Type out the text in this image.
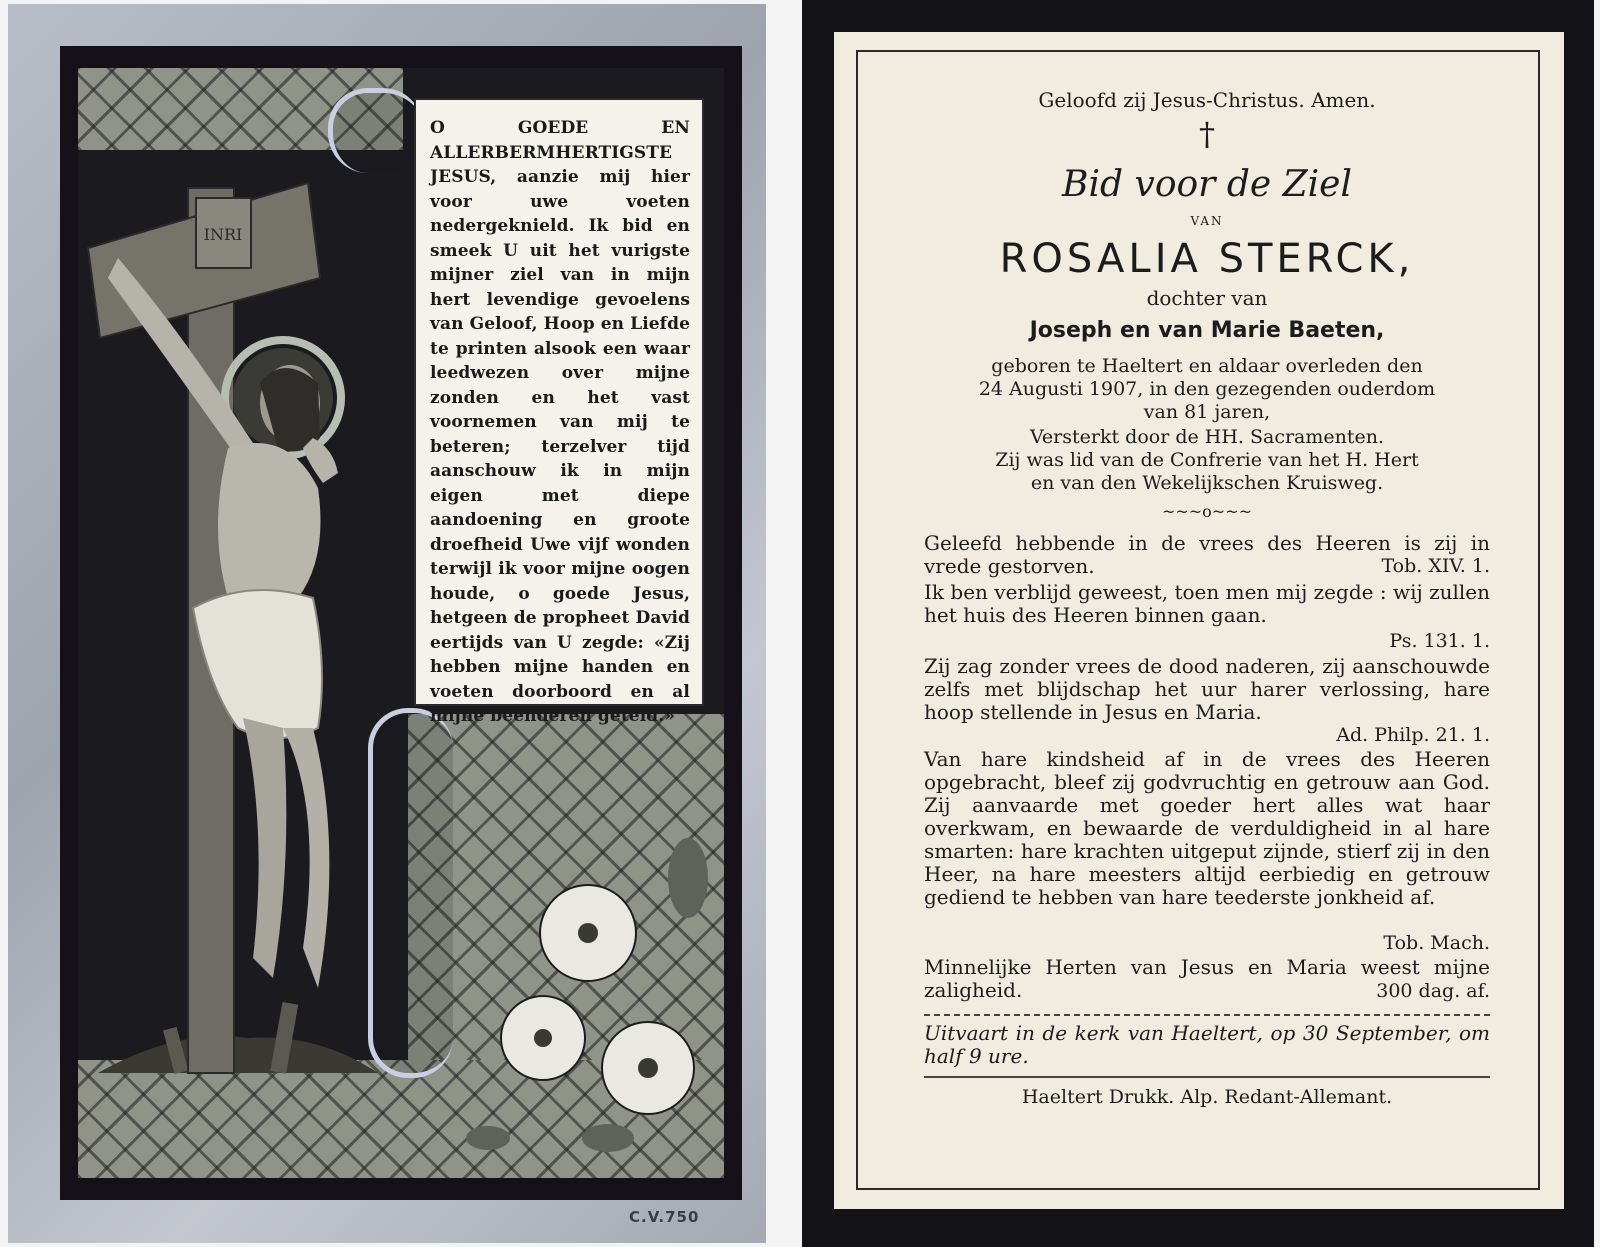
INRI

O GOEDE EN ALLERBERMHERTIGSTE JESUS, aanzie mij hier voor uwe voeten nedergeknield. Ik bid en smeek U uit het vurigste mijner ziel van in mijn hert levendige gevoelens van Geloof, Hoop en Liefde te printen alsook een waar leedwezen over mijne zonden en het vast voornemen van mij te beteren; terzelver tijd aanschouw ik in mijn eigen met diepe aandoening en groote droefheid Uwe vijf wonden terwijl ik voor mijne oogen houde, o goede Jesus, hetgeen de propheet David eertijds van U zegde: «Zij hebben mijne handen en voeten doorboord en al mijne beenderen geteld.»

C.V.750

Geloofd zij Jesus-Christus. Amen.

†

Bid voor de Ziel

VAN

ROSALIA STERCK,

dochter van

Joseph en van Marie Baeten,

geboren te Haeltert en aldaar overleden den

24 Augusti 1907, in den gezegenden ouderdom

van 81 jaren,

Versterkt door de HH. Sacramenten.

Zij was lid van de Confrerie van het H. Hert

en van den Wekelijkschen Kruisweg.

~~~o~~~

Geleefd hebbende in de vrees des Heeren is zij in vrede gestorven.	Tob. XIV. 1.

Ik ben verblijd geweest, toen men mij zegde : wij zullen het huis des Heeren binnen gaan.

Ps. 131. 1.

Zij zag zonder vrees de dood naderen, zij aanschouwde zelfs met blijdschap het uur harer verlossing, hare hoop stellende in Jesus en Maria.

Ad. Philp. 21. 1.

Van hare kindsheid af in de vrees des Heeren opgebracht, bleef zij godvruchtig en getrouw aan God. Zij aanvaarde met goeder hert alles wat haar overkwam, en bewaarde de verduldigheid in al hare smarten: hare krachten uitgeput zijnde, stierf zij in den Heer, na hare meesters altijd eerbiedig en getrouw gediend te hebben van hare teederste jonkheid af.

Tob. Mach.

Minnelijke Herten van Jesus en Maria weest mijne zaligheid.	300 dag. af.

Uitvaart in de kerk van Haeltert, op 30 September, om half 9 ure.

Haeltert Drukk. Alp. Redant-Allemant.
